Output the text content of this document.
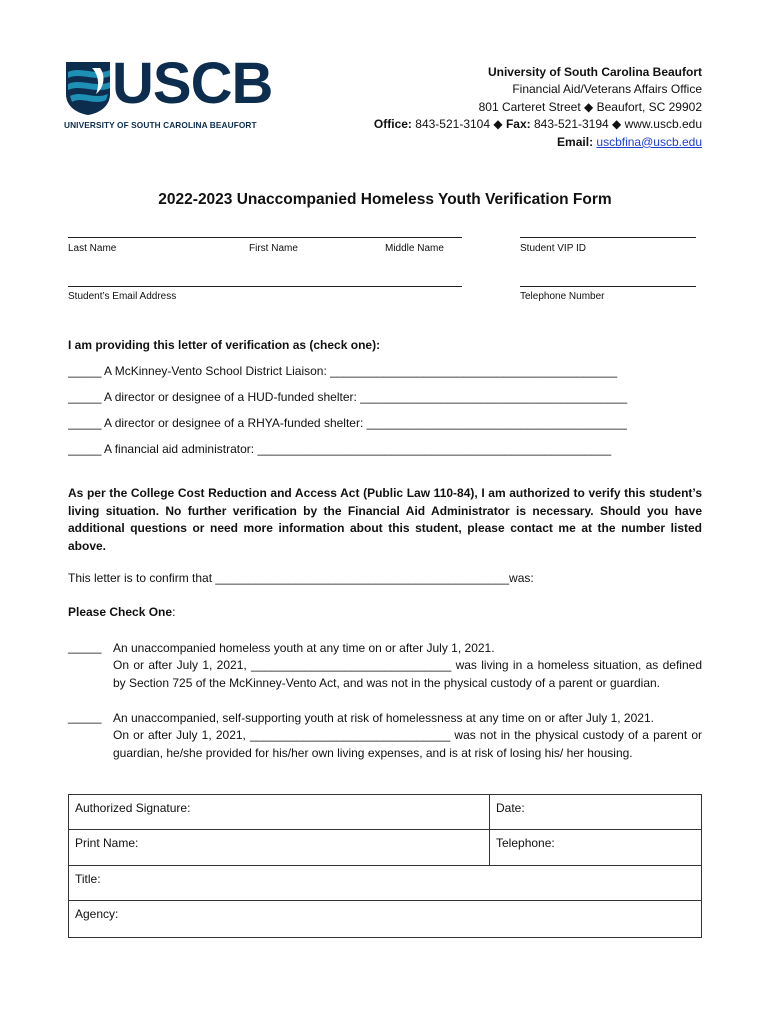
USCB
UNIVERSITY OF SOUTH CAROLINA BEAUFORT
University of South Carolina Beaufort
Financial Aid/Veterans Affairs Office
801 Carteret Street ◆ Beaufort, SC 29902
Office: 843-521-3104 ◆ Fax: 843-521-3194 ◆ www.uscb.edu
Email: uscbfina@uscb.edu
2022-2023 Unaccompanied Homeless Youth Verification Form
Last Name	First Name	Middle Name	Student VIP ID
Student’s Email Address	Telephone Number
I am providing this letter of verification as (check one):
_____ A McKinney-Vento School District Liaison: ___________________________________________
_____ A director or designee of a HUD-funded shelter: ________________________________________
_____ A director or designee of a RHYA-funded shelter: _______________________________________
_____ A financial aid administrator: _____________________________________________________
As per the College Cost Reduction and Access Act (Public Law 110-84), I am authorized to verify this student’s living situation. No further verification by the Financial Aid Administrator is necessary. Should you have additional questions or need more information about this student, please contact me at the number listed above.
This letter is to confirm that ____________________________________________was:
Please Check One:
_____ An unaccompanied homeless youth at any time on or after July 1, 2021.
On or after July 1, 2021, ______________________________ was living in a homeless situation, as defined by Section 725 of the McKinney-Vento Act, and was not in the physical custody of a parent or guardian.
_____ An unaccompanied, self-supporting youth at risk of homelessness at any time on or after July 1, 2021.
On or after July 1, 2021, ______________________________ was not in the physical custody of a parent or guardian, he/she provided for his/her own living expenses, and is at risk of losing his/ her housing.
Authorized Signature:	Date:
Print Name:	Telephone:
Title:	
Agency:	
